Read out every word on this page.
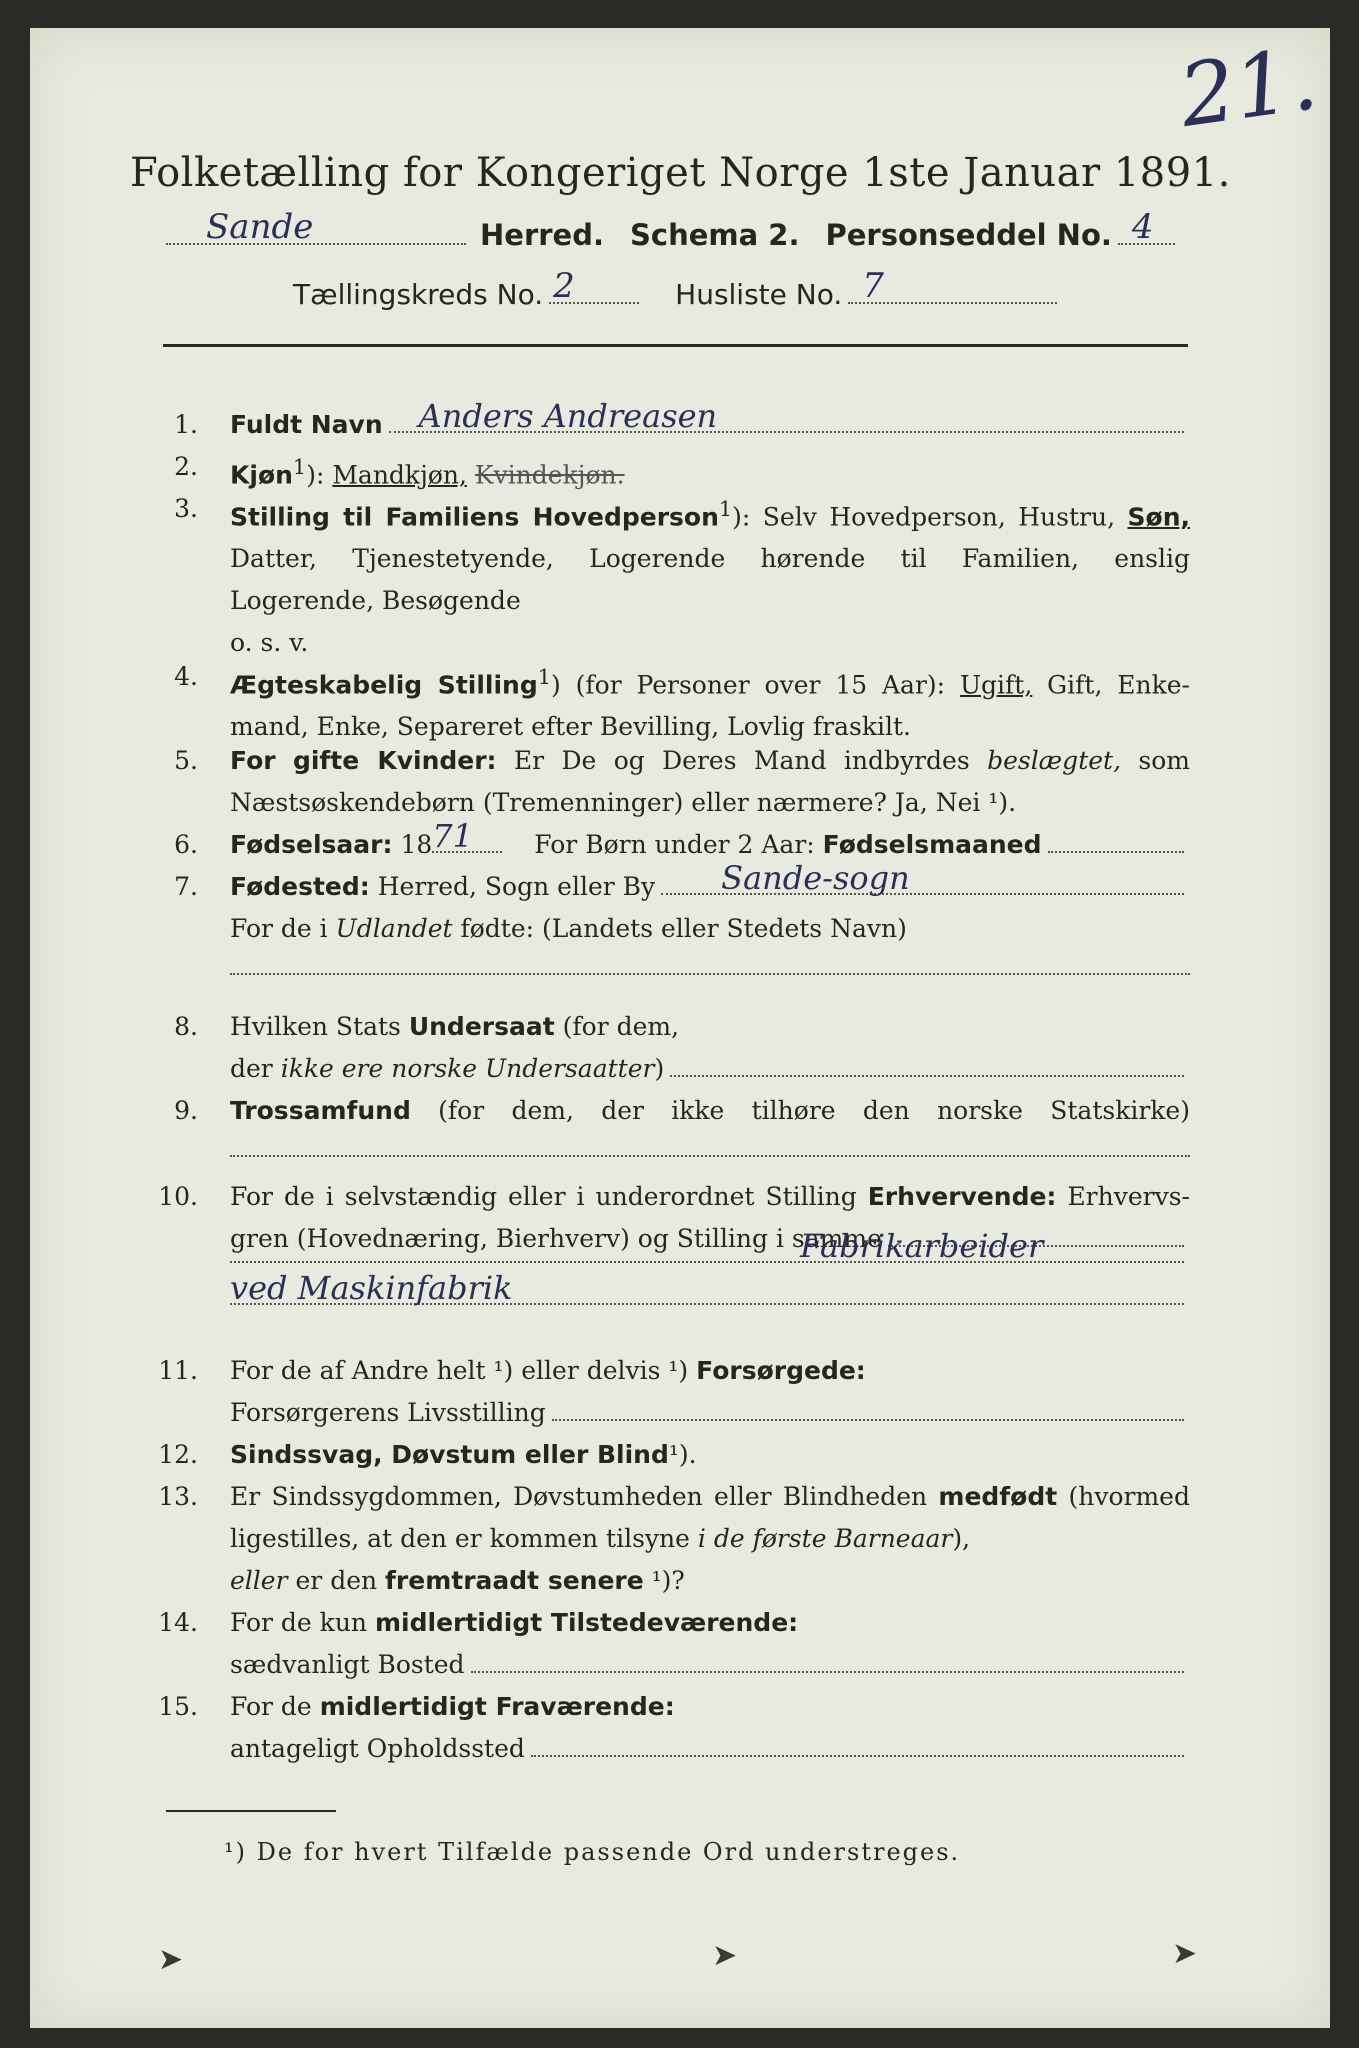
21.
Folketælling for Kongeriget Norge 1ste Januar 1891.
Sande	Herred. Schema 2. Personseddel No. 4
Tællingskreds No. 2	Husliste No. 7
1. Fuldt Navn Anders Andreasen
2. Kjøn$^1$): Mandkjøn, Kvindekjøn.
3. Stilling til Familiens Hovedperson$^1$): Selv Hovedperson, Hustru, Søn,
Datter, Tjenestetyende, Logerende hørende til Familien, enslig
Logerende, Besøgende
o. s. v.
4. Ægteskabelig Stilling$^1$) (for Personer over 15 Aar): Ugift, Gift, Enke-
mand, Enke, Separeret efter Bevilling, Lovlig fraskilt.
5. For gifte Kvinder: Er De og Deres Mand indbyrdes beslægtet, som
Næstsøskendebørn (Tremenninger) eller nærmere? Ja, Nei ¹).
6. Fødselsaar:
18 71 For Børn under 2 Aar:
Fødselsmaaned
7. Fødested:
Herred, Sogn eller By Sande-sogn
For de i Udlandet fødte: (Landets eller Stedets Navn)
8. Hvilken Stats Undersaat (for dem,
der
ikke ere norske Undersaatter )
9. Trossamfund (for dem, der ikke tilhøre den norske Statskirke)
10. For de i selvstændig eller i underordnet Stilling Erhvervende: Erhvervs-
gren (Hovednæring, Bierhverv) og Stilling i samme
Fabrikarbeider
ved Maskinfabrik
11. For de af Andre helt ¹) eller delvis ¹) Forsørgede:
Forsørgerens Livsstilling
12. Sindssvag, Døvstum eller Blind¹).
13. Er Sindssygdommen, Døvstumheden eller Blindheden medfødt (hvormed
ligestilles, at den er kommen tilsyne i de første Barneaar),
eller er den fremtraadt senere ¹)?
14. For de kun midlertidigt Tilstedeværende:
sædvanligt Bosted
15. For de midlertidigt Fraværende:
antageligt Opholdssted
¹) De for hvert Tilfælde passende Ord understreges.
➤	➤	➤
